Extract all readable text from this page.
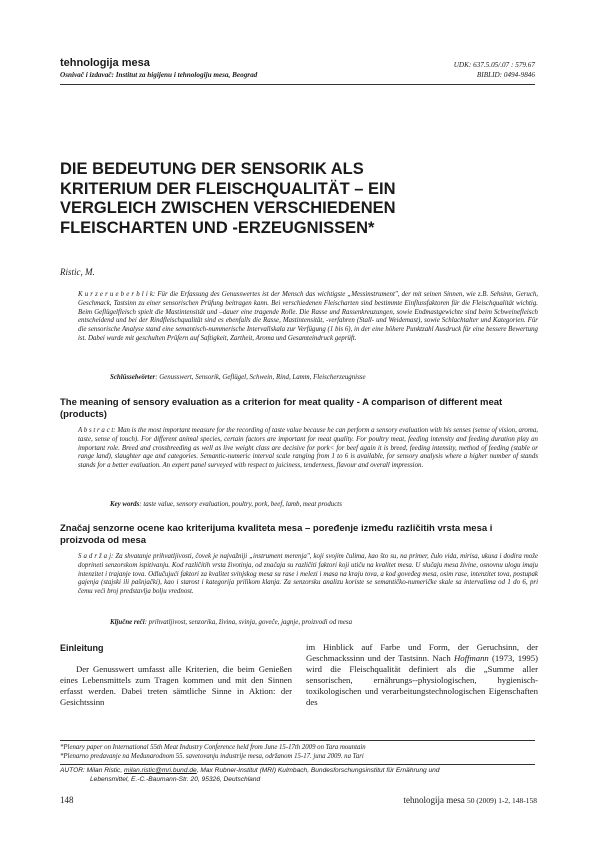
tehnologija mesa
Osnivač i izdavač: Institut za higijenu i tehnologiju mesa, Beograd
UDK: 637.5.05/.07 : 579.67
BIBLID: 0494-9846
DIE BEDEUTUNG DER SENSORIK ALS
KRITERIUM DER FLEISCHQUALITÄT – EIN
VERGLEICH ZWISCHEN VERSCHIEDENEN
FLEISCHARTEN UND -ERZEUGNISSEN*
Ristic, M.

K u r z e r u e b e r b l i k: Für die Erfassung des Genusswertes ist der Mensch das wichtigste „Messinstrument", der mit seinen Sinnen, wie z.B. Sehsinn, Geruch, Geschmack, Tastsinn zu einer sensorischen Prüfung beitragen kann. Bei verschiedenen Fleischarten sind bestimmte Einflussfaktoren für die Fleischqualität wichtig. Beim Geflügelfleisch spielt die Mastintensität und –dauer eine tragende Rolle. Die Rasse und Rassenkreuzungen, sowie Endmastgewichte sind beim Schweinefleisch entscheidend und bei der Rindfleischqualität sind es ebenfalls die Rasse, Mastintensität, -verfahren (Stall- und Weidemast), sowie Schlachtalter und Kategorien. Für die sensorische Analyse stand eine semantisch-nummerische Intervallskala zur Verfügung (1 bis 6), in der eine höhere Punktzahl Ausdruck für eine bessere Bewertung ist. Dabei wurde mit geschulten Prüfern auf Saftigkeit, Zartheit, Aroma und Gesamteindruck geprüft.

Schlüsselwörter: Genusswert, Sensorik, Geflügel, Schwein, Rind, Lamm, Fleischerzeugnisse
The meaning of sensory evaluation as a criterion for meat quality - A comparison of different meat (products)

A b s t r a c t: Man is the most important measure for the recording of taste value because he can perform a sensory evaluation with his senses (sense of vision, aroma, taste, sense of touch). For different animal species, certain factors are important for meat quality. For poultry meat, feeding intensity and feeding duration play an important role. Breed and crossbreeding as well as live weight class are decisive for pork< for beef again it is breed, feeding intensity, method of feeding (stable or range land), slaughter age and categories. Semantic-numeric interval scale ranging from 1 to 6 is available, for sensory analysis where a higher number of stands stands for a better evaluation. An expert panel surveyed with respect to juiciness, tenderness, flavour and overall impression.

Key words: taste value, sensory evaluation, poultry, pork, beef, lamb, meat products
Značaj senzorne ocene kao kriterijuma kvaliteta mesa – poređenje između različitih vrsta mesa i proizvoda od mesa

S a d r ž a j: Za shvatanje prihvatljivosti, čovek je najvažniji „instrument merenja", koji svojim čulima, kao što su, na primer, čulo vida, mirisa, ukusa i dodira može doprineti senzorskom ispitivanju. Kod različitih vrsta životinja, od značaja su različiti faktori koji utiču na kvalitet mesa. U slučaju mesa živine, osnovnu ulogu imaju intenzitet i trajanje tova. Odlučujući faktori za kvalitet svinjskog mesa su rase i melezi i masa na kraju tova, a kod goveđeg mesa, osim rase, intenzitet tova, postupak gajenja (stajski ili pašnjački), kao i starost i kategorija prilikom klanja. Za senzorsku analizu koriste se semantičko-numeričke skale sa intervalima od 1 do 6, pri čemu veći broj predstavlja bolju vrednost.

Ključne reči: prihvatljivost, senzorika, živina, svinja, goveče, jagnje, proizvodi od mesa
Einleitung
Der Genusswert umfasst alle Kriterien, die beim Genießen eines Lebensmittels zum Tragen kommen und mit den Sinnen erfasst werden. Dabei treten sämtliche Sinne in Aktion: der Gesichtssinn
im Hinblick auf Farbe und Form, der Geruchsinn, der Geschmackssinn und der Tastsinn. Nach Hoffmann (1973, 1995) wird die Fleischqualität definiert als die „Summe aller sensorischen, ernährungs--physiologischen, hygienisch-toxikologischen und verarbeitungstechnologischen Eigenschaften des
*Plenary paper on International 55th Meat Industry Conference held from June 15-17th 2009 on Tara mountain
*Plenarno predavanje na Međunarodnom 55. savetovanju industrije mesa, održanom 15-17. juna 2009. na Tari
AUTOR: Milan Ristic, milan.ristic@mri.bund.de, Max Rubner-Institut (MRI) Kulmbach, Bundesforschungsinstitut für Ernährung und
Lebensmittel, E.-C.-Baumann-Str. 20, 95326, Deutschland
148	tehnologija mesa 50 (2009) 1-2, 148-158
